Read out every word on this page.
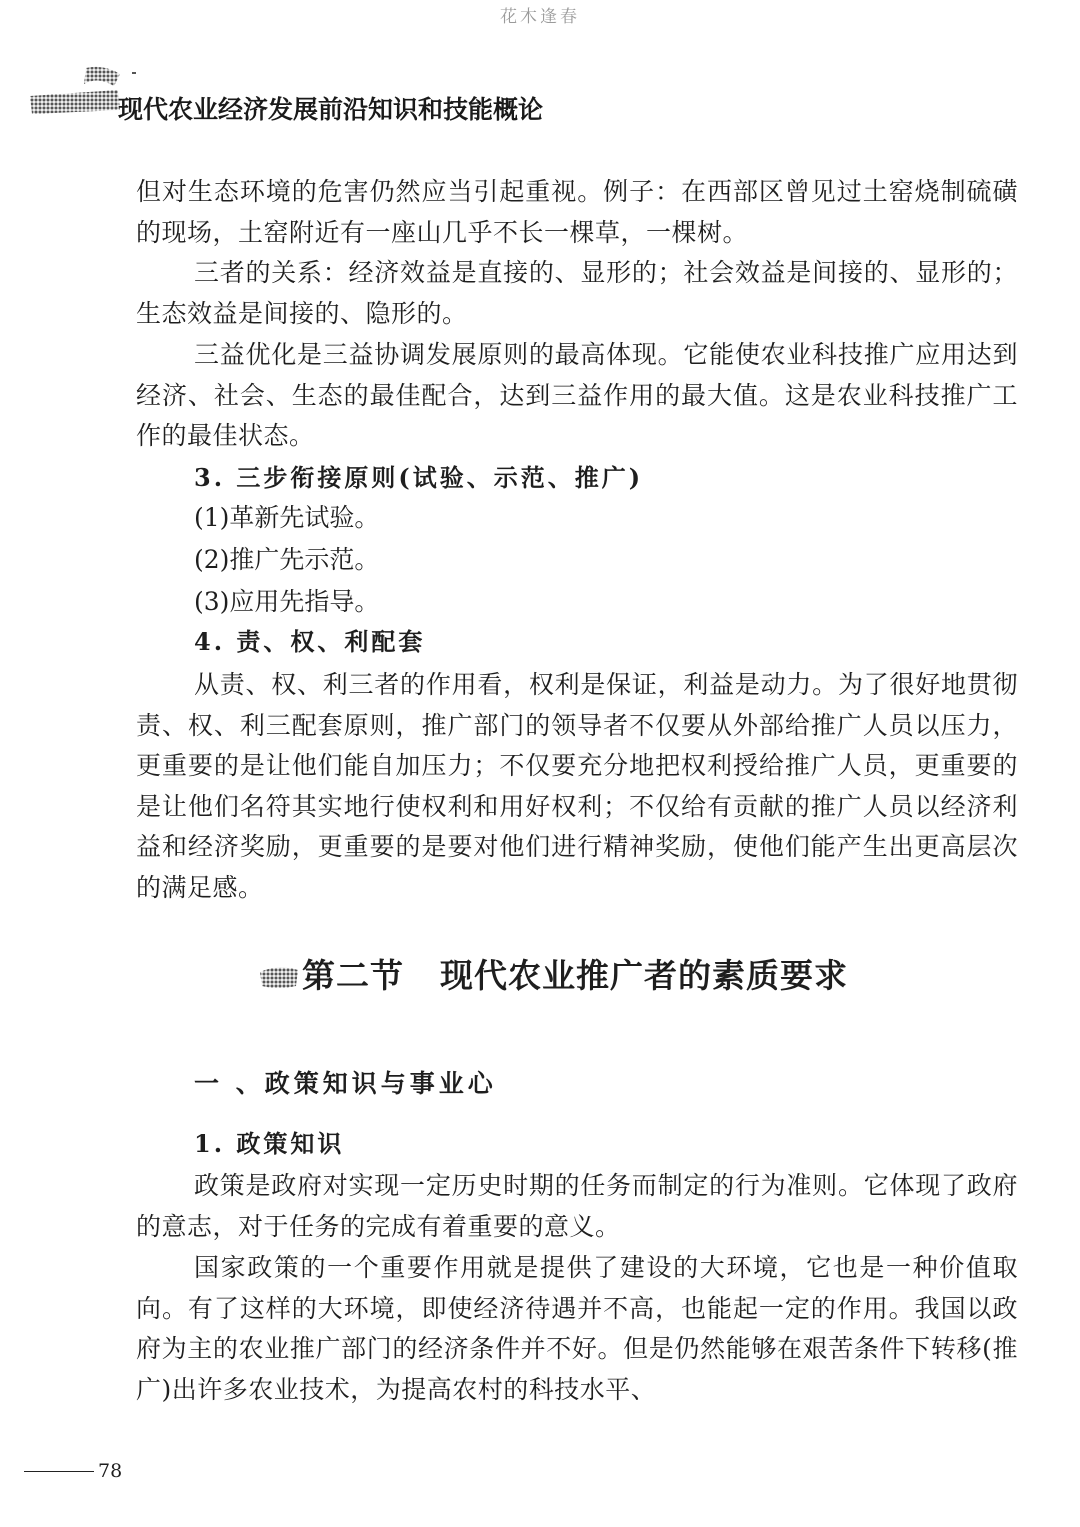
花木逢春
现代农业经济发展前沿知识和技能概论

但对生态环境的危害仍然应当引起重视。例子：在西部区曾见过土窑烧制硫磺的现场，土窑附近有一座山几乎不长一棵草，一棵树。

三者的关系：经济效益是直接的、显形的；社会效益是间接的、显形的；生态效益是间接的、隐形的。

三益优化是三益协调发展原则的最高体现。它能使农业科技推广应用达到经济、社会、生态的最佳配合，达到三益作用的最大值。这是农业科技推广工作的最佳状态。

3. 三步衔接原则(试验、示范、推广)
(1)革新先试验。
(2)推广先示范。
(3)应用先指导。
4. 责、权、利配套

从责、权、利三者的作用看，权利是保证，利益是动力。为了很好地贯彻责、权、利三配套原则，推广部门的领导者不仅要从外部给推广人员以压力，更重要的是让他们能自加压力；不仅要充分地把权利授给推广人员，更重要的是让他们名符其实地行使权利和用好权利；不仅给有贡献的推广人员以经济利益和经济奖励，更重要的是要对他们进行精神奖励，使他们能产生出更高层次的满足感。

第二节 现代农业推广者的素质要求
一 、政策知识与事业心
1. 政策知识

政策是政府对实现一定历史时期的任务而制定的行为准则。它体现了政府的意志，对于任务的完成有着重要的意义。

国家政策的一个重要作用就是提供了建设的大环境，它也是一种价值取向。有了这样的大环境，即使经济待遇并不高，也能起一定的作用。我国以政府为主的农业推广部门的经济条件并不好。但是仍然能够在艰苦条件下转移(推广)出许多农业技术，为提高农村的科技水平、

78
